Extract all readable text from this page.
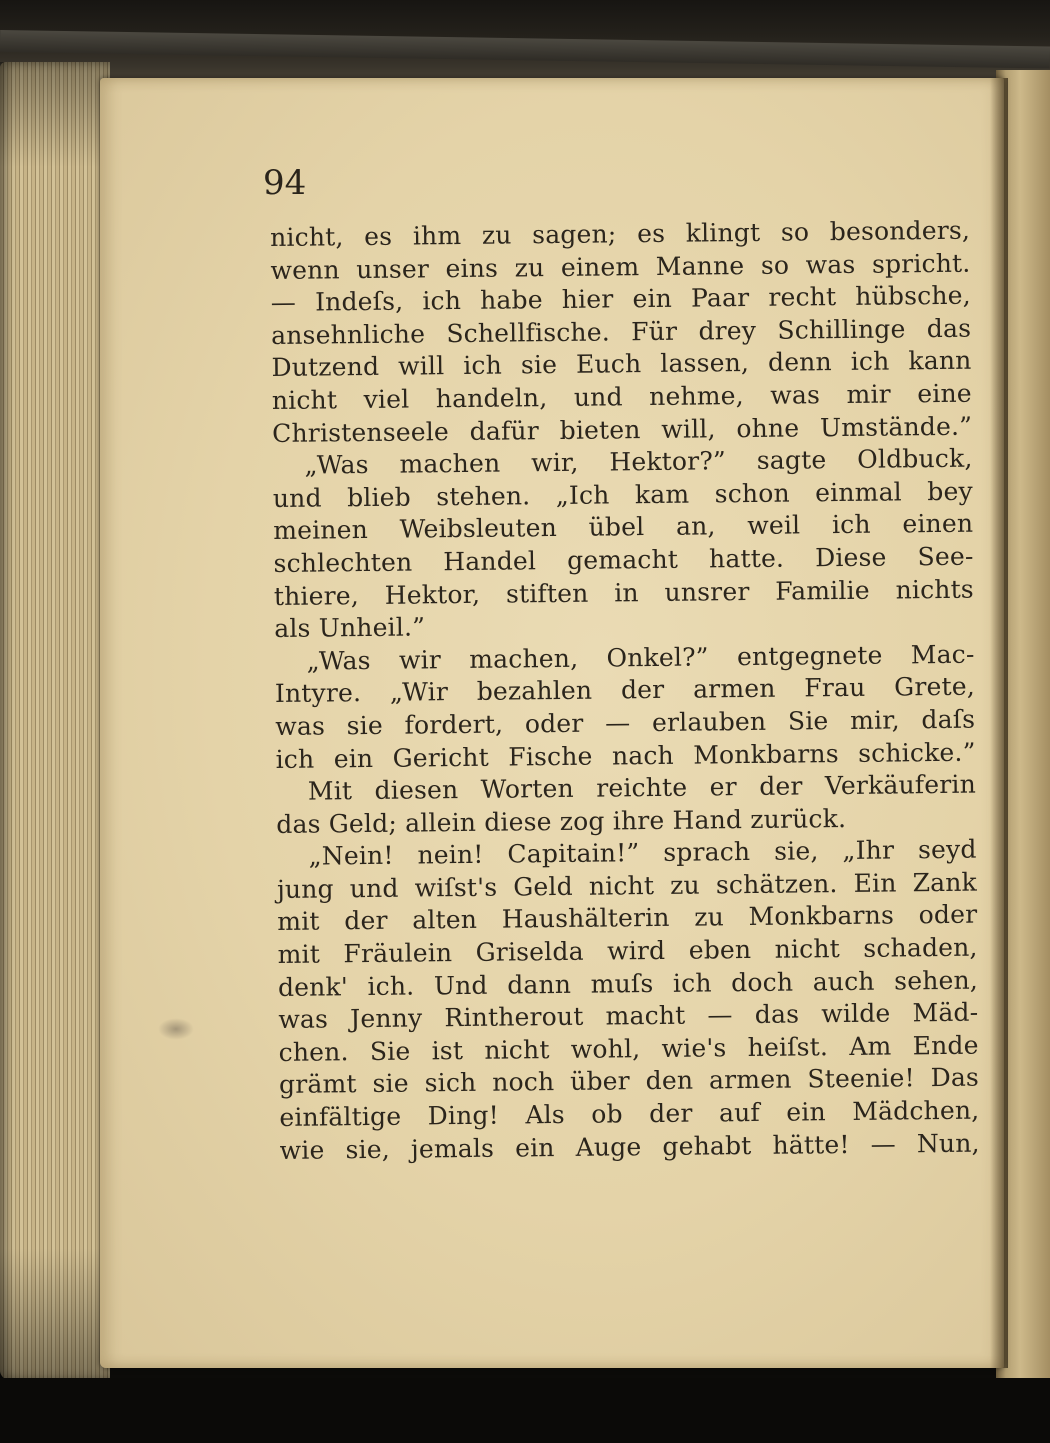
94

nicht, es ihm zu sagen; es klingt so besonders,
wenn unser eins zu einem Manne so was spricht.
— Indeſs, ich habe hier ein Paar recht hübsche,
ansehnliche Schellfische. Für drey Schillinge das
Dutzend will ich sie Euch lassen, denn ich kann
nicht viel handeln, und nehme, was mir eine
Christenseele dafür bieten will, ohne Umstände.”
„Was machen wir, Hektor?” sagte Oldbuck,
und blieb stehen. „Ich kam schon einmal bey
meinen Weibsleuten übel an, weil ich einen
schlechten Handel gemacht hatte. Diese See-
thiere, Hektor, stiften in unsrer Familie nichts
als Unheil.”
„Was wir machen, Onkel?” entgegnete Mac-
Intyre. „Wir bezahlen der armen Frau Grete,
was sie fordert, oder — erlauben Sie mir, daſs
ich ein Gericht Fische nach Monkbarns schicke.”
Mit diesen Worten reichte er der Verkäuferin
das Geld; allein diese zog ihre Hand zurück.
„Nein! nein! Capitain!” sprach sie, „Ihr seyd
jung und wiſst's Geld nicht zu schätzen. Ein Zank
mit der alten Haushälterin zu Monkbarns oder
mit Fräulein Griselda wird eben nicht schaden,
denk' ich. Und dann muſs ich doch auch sehen,
was Jenny Rintherout macht — das wilde Mäd-
chen. Sie ist nicht wohl, wie's heiſst. Am Ende
grämt sie sich noch über den armen Steenie! Das
einfältige Ding! Als ob der auf ein Mädchen,
wie sie, jemals ein Auge gehabt hätte! — Nun,
